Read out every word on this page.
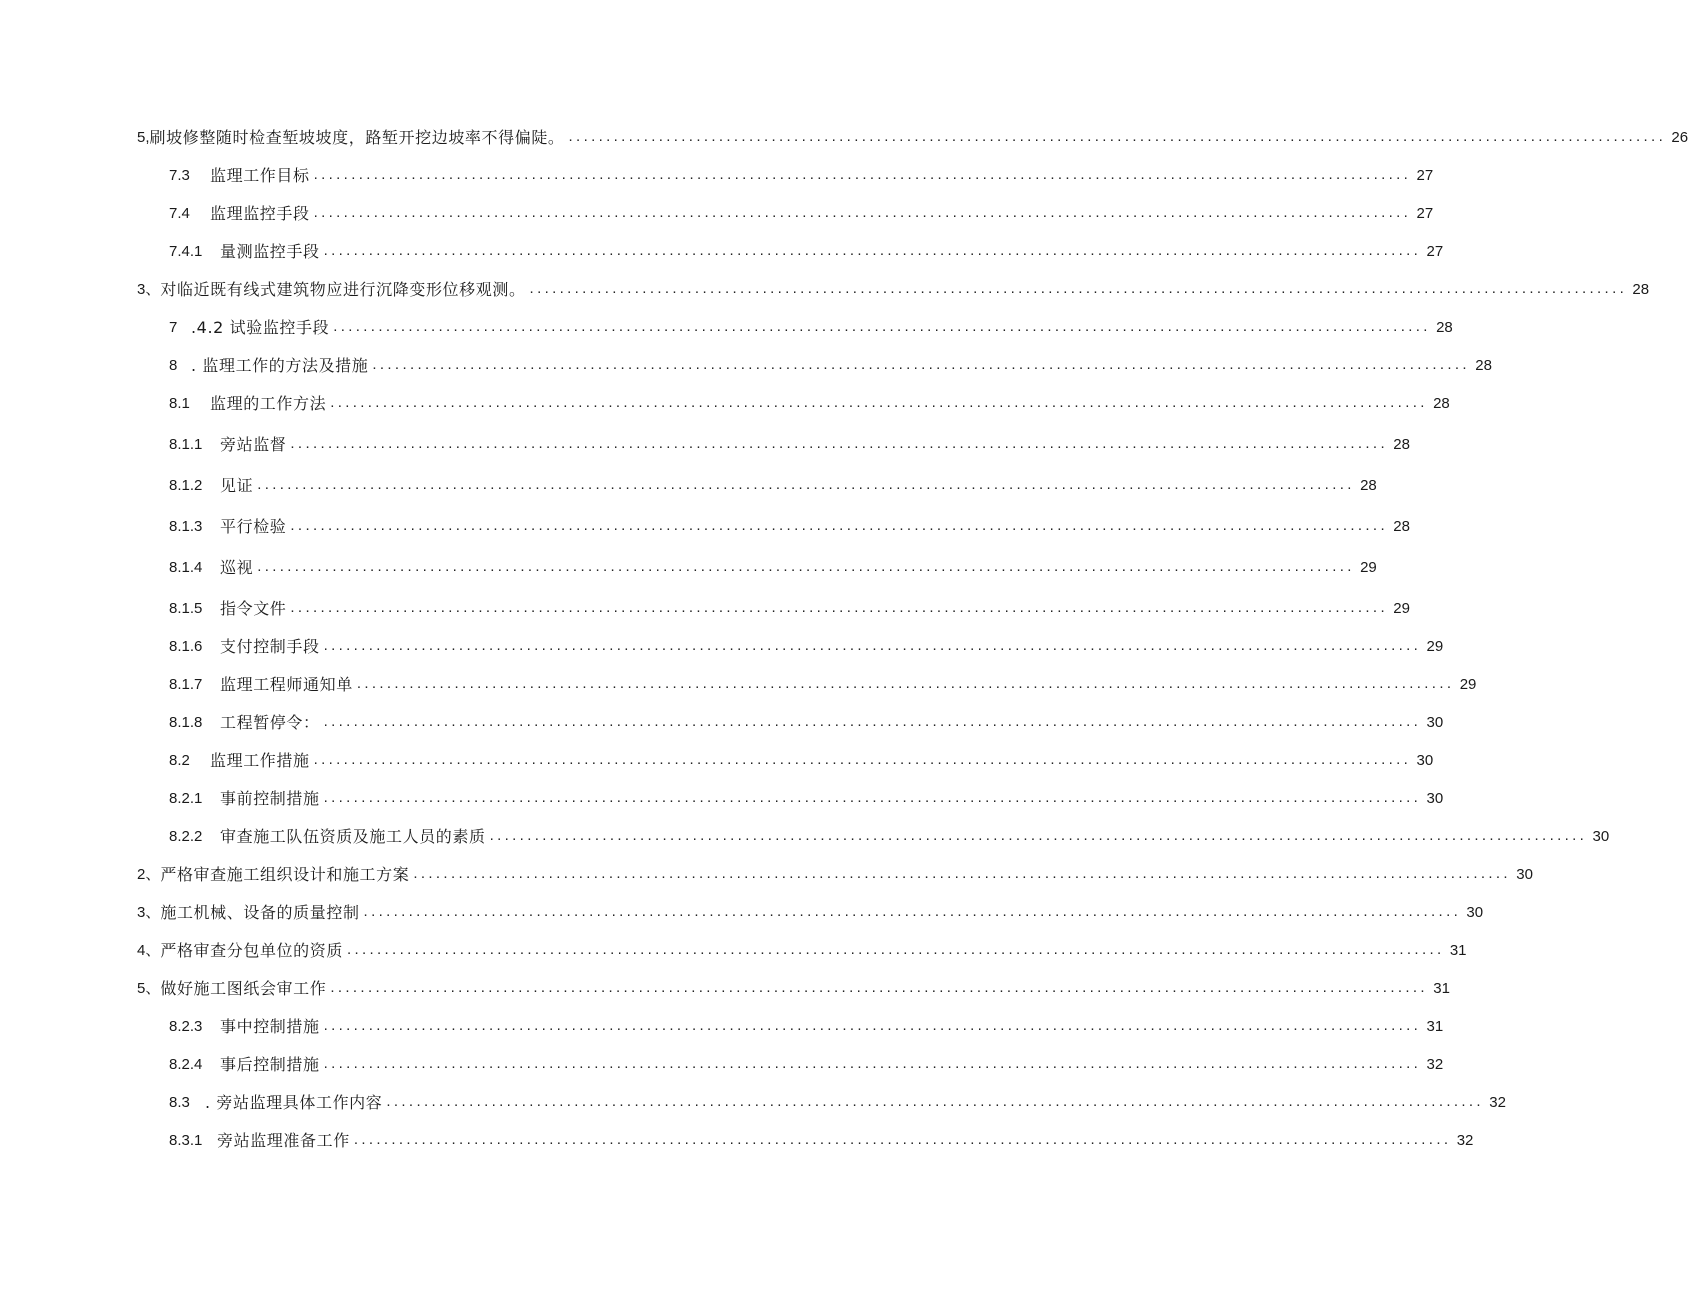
5, 刷坡修整随时检查堑坡坡度，路堑开挖边坡率不得偏陡。 .................................................................................................................................................. 26
7.3	监理工作目标 .................................................................................................................................................. 27
7.4	监理监控手段 .................................................................................................................................................. 27
7.4.1	量测监控手段 .................................................................................................................................................. 27
3、 对临近既有线式建筑物应进行沉降变形位移观测。 .................................................................................................................................................. 28
7 .4.2 试验监控手段 .................................................................................................................................................. 28
8 . 监理工作的方法及措施 .................................................................................................................................................. 28
8.1	监理的工作方法 .................................................................................................................................................. 28
8.1.1	旁站监督 .................................................................................................................................................. 28
8.1.2	见证 .................................................................................................................................................. 28
8.1.3	平行检验 .................................................................................................................................................. 28
8.1.4	巡视 .................................................................................................................................................. 29
8.1.5	指令文件 .................................................................................................................................................. 29
8.1.6	支付控制手段 .................................................................................................................................................. 29
8.1.7	监理工程师通知单 .................................................................................................................................................. 29
8.1.8	工程暂停令： .................................................................................................................................................. 30
8.2	监理工作措施 .................................................................................................................................................. 30
8.2.1	事前控制措施 .................................................................................................................................................. 30
8.2.2	审查施工队伍资质及施工人员的素质 .................................................................................................................................................. 30
2、 严格审查施工组织设计和施工方案 .................................................................................................................................................. 30
3、 施工机械、设备的质量控制 .................................................................................................................................................. 30
4、 严格审查分包单位的资质 .................................................................................................................................................. 31
5、 做好施工图纸会审工作 .................................................................................................................................................. 31
8.2.3	事中控制措施 .................................................................................................................................................. 31
8.2.4	事后控制措施 .................................................................................................................................................. 32
8.3 . 旁站监理具体工作内容 .................................................................................................................................................. 32
8.3.1 旁站监理准备工作 .................................................................................................................................................. 32
